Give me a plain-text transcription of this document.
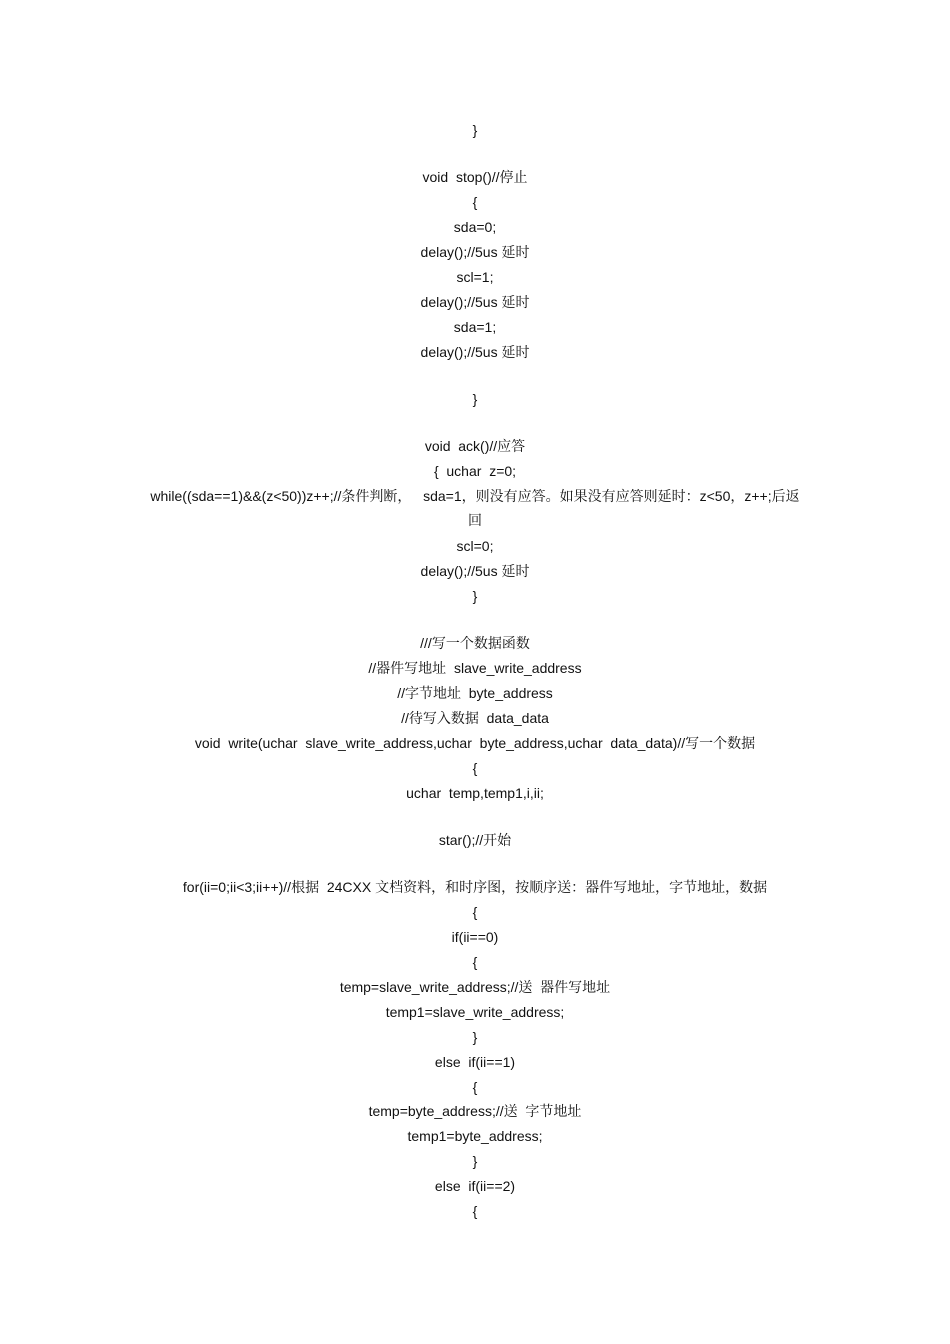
}
void  stop()//停止
{
sda=0;
delay();//5us 延时
scl=1;
delay();//5us 延时
sda=1;
delay();//5us 延时
}
void  ack()//应答
{  uchar  z=0;
while((sda==1)&&(z<50))z++;//条件判断，   sda=1，则没有应答。如果没有应答则延时：z<50，z++;后返
回
scl=0;
delay();//5us 延时
}
///写一个数据函数
//器件写地址  slave_write_address
//字节地址  byte_address
//待写入数据  data_data
void  write(uchar  slave_write_address,uchar  byte_address,uchar  data_data)//写一个数据
{
uchar  temp,temp1,i,ii;
star();//开始
for(ii=0;ii<3;ii++)//根据  24CXX 文档资料，和时序图，按顺序送：器件写地址，字节地址，数据
{
if(ii==0)
{
temp=slave_write_address;//送  器件写地址
temp1=slave_write_address;
}
else  if(ii==1)
{
temp=byte_address;//送  字节地址
temp1=byte_address;
}
else  if(ii==2)
{
